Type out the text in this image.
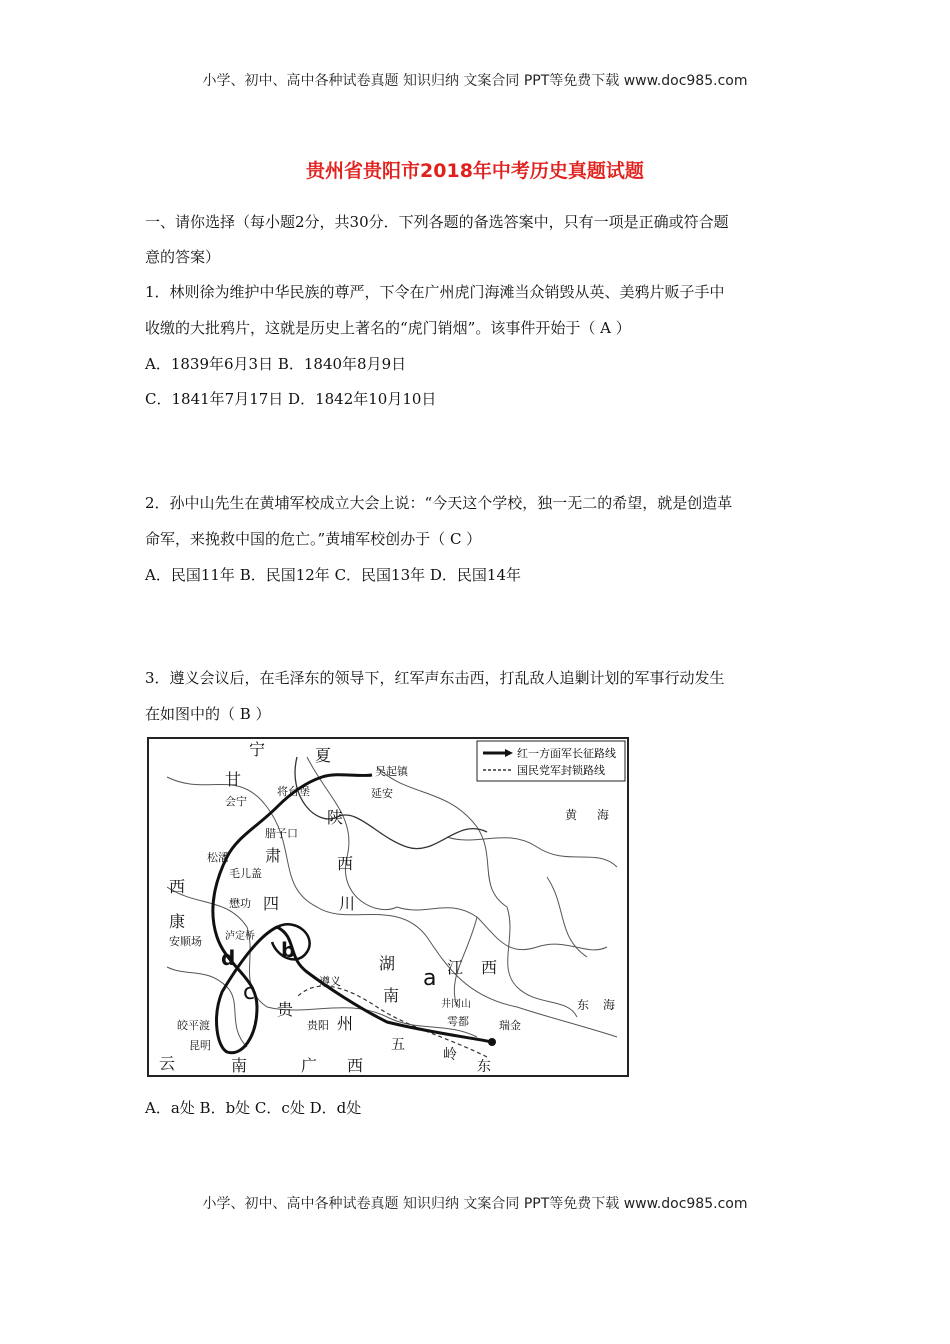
小学、初中、高中各种试卷真题 知识归纳 文案合同 PPT等免费下载 www.doc985.com
贵州省贵阳市2018年中考历史真题试题
一、请你选择（每小题2分，共30分．下列各题的备选答案中，只有一项是正确或符合题
意的答案）
1．林则徐为维护中华民族的尊严，下令在广州虎门海滩当众销毁从英、美鸦片贩子手中
收缴的大批鸦片，这就是历史上著名的“虎门销烟”。该事件开始于（ A ）
A．1839年6月3日 B．1840年8月9日
C．1841年7月17日 D．1842年10月10日
2．孙中山先生在黄埔军校成立大会上说：“今天这个学校，独一无二的希望，就是创造革
命军，来挽救中国的危亡。”黄埔军校创办于（ C ）
A．民国11年 B．民国12年 C．民国13年 D．民国14年
3．遵义会议后，在毛泽东的领导下，红军声东击西，打乱敌人追剿计划的军事行动发生
在如图中的（ B ）
红一方面军长征路线
国民党军封锁路线
宁	夏
甘
会宁
将台堡
吴起镇
延安
陕
腊子口
肃	西
松潘
毛儿盖
西
康
懋功 四	川
安顺场 泸定桥
黄 海
湖
南
江 西
遵义
贵
贵阳 州
皎平渡
昆明
云	南	广 西
五
岭
井冈山
雩都	瑞金
东
东 海
a
b
c
d
A．a处 B．b处 C．c处 D．d处
小学、初中、高中各种试卷真题 知识归纳 文案合同 PPT等免费下载 www.doc985.com
